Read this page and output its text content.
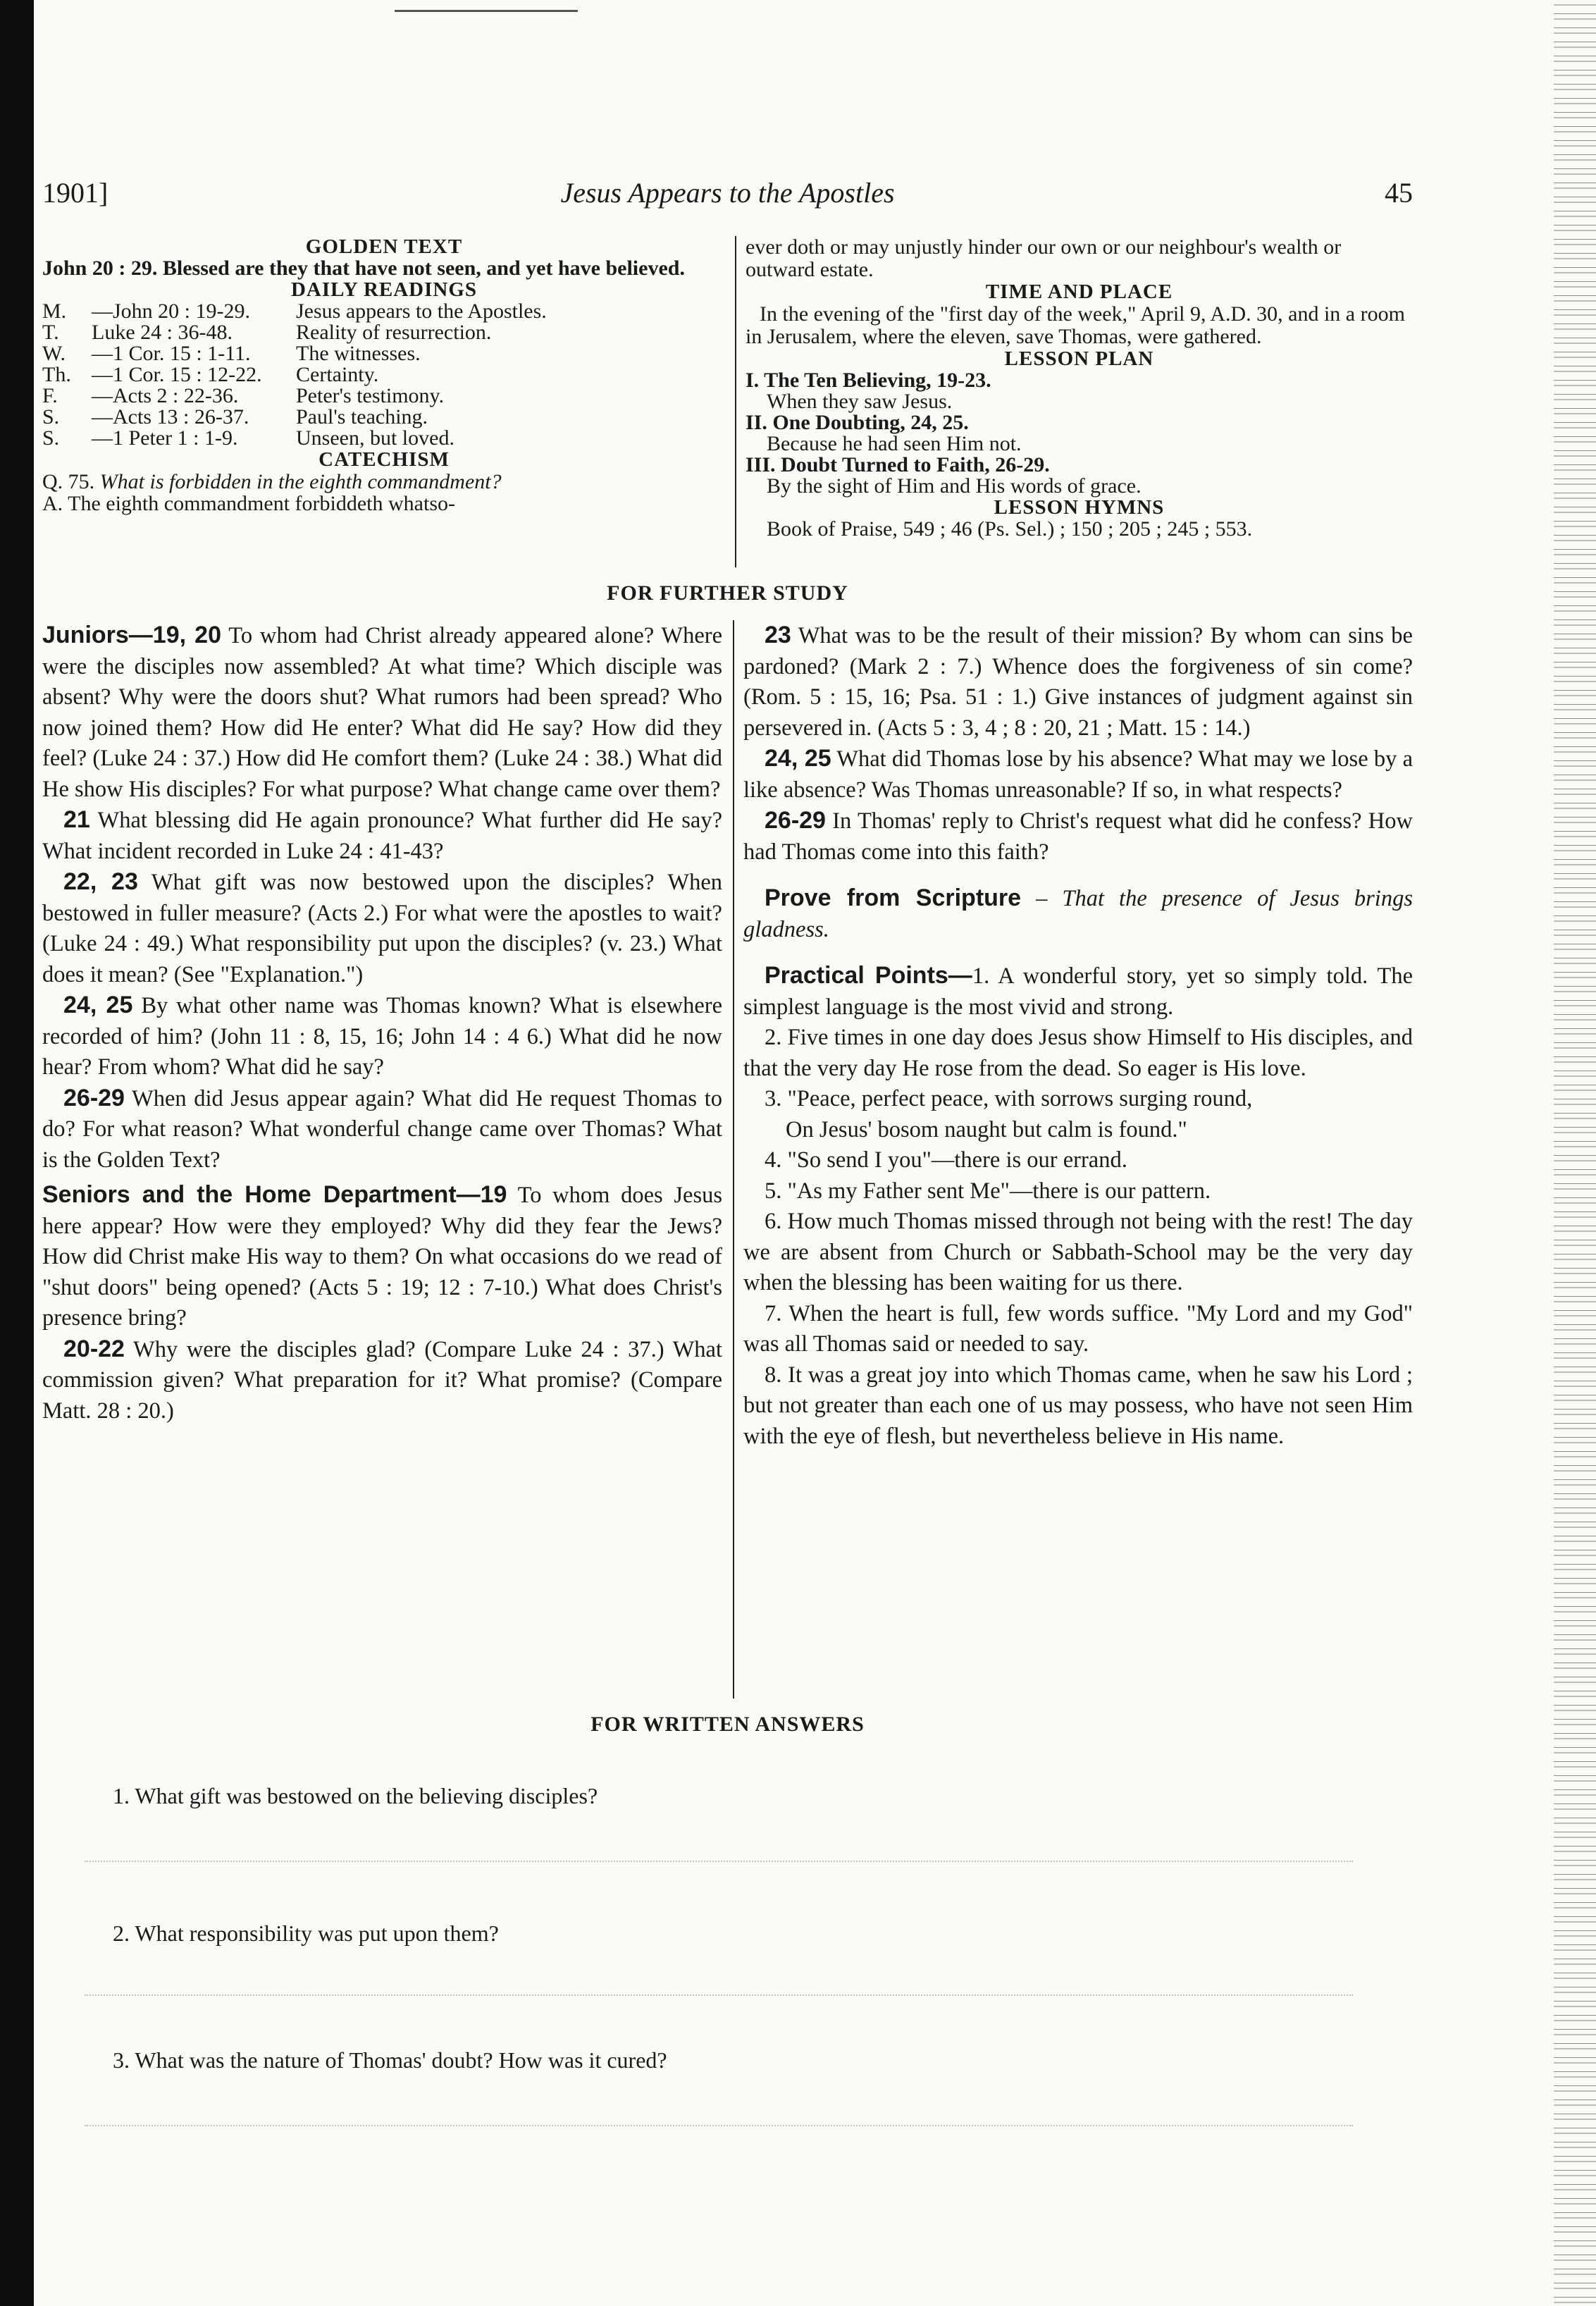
1901]	Jesus Appears to the Apostles	45
GOLDEN TEXT
John 20 : 29. Blessed are they that have not seen, and yet have believed.
DAILY READINGS
M.	—John 20 : 19-29.	Jesus appears to the Apostles.
T.	Luke 24 : 36-48.	Reality of resurrection.
W.	—1 Cor. 15 : 1-11.	The witnesses.
Th. —1 Cor. 15 : 12-22.	Certainty.
F.	—Acts 2 : 22-36.	Peter's testimony.
S.	—Acts 13 : 26-37.	Paul's teaching.
S.	—1 Peter 1 : 1-9.	Unseen, but loved.
CATECHISM
Q. 75. What is forbidden in the eighth commandment?
A. The eighth commandment forbiddeth whatso-
ever doth or may unjustly hinder our own or our neighbour's wealth or outward estate.
TIME AND PLACE
In the evening of the "first day of the week," April 9, A.D. 30, and in a room in Jerusalem, where the eleven, save Thomas, were gathered.
LESSON PLAN
I. The Ten Believing, 19-23.
When they saw Jesus.
II. One Doubting, 24, 25.
Because he had seen Him not.
III. Doubt Turned to Faith, 26-29.
By the sight of Him and His words of grace.
LESSON HYMNS
Book of Praise, 549 ; 46 (Ps. Sel.) ; 150 ; 205 ; 245 ; 553.
FOR FURTHER STUDY
Juniors—19, 20 To whom had Christ already appeared alone? Where were the disciples now assembled? At what time? Which disciple was absent? Why were the doors shut? What rumors had been spread? Who now joined them? How did He enter? What did He say? How did they feel? (Luke 24 : 37.) How did He comfort them? (Luke 24 : 38.) What did He show His disciples? For what purpose? What change came over them?
21 What blessing did He again pronounce? What further did He say? What incident recorded in Luke 24 : 41-43?
22, 23 What gift was now bestowed upon the disciples? When bestowed in fuller measure? (Acts 2.) For what were the apostles to wait? (Luke 24 : 49.) What responsibility put upon the disciples? (v. 23.) What does it mean? (See "Explanation.")
24, 25 By what other name was Thomas known? What is elsewhere recorded of him? (John 11 : 8, 15, 16; John 14 : 4 6.) What did he now hear? From whom? What did he say?
26-29 When did Jesus appear again? What did He request Thomas to do? For what reason? What wonderful change came over Thomas? What is the Golden Text?
Seniors and the Home Department—19 To whom does Jesus here appear? How were they employed? Why did they fear the Jews? How did Christ make His way to them? On what occasions do we read of "shut doors" being opened? (Acts 5 : 19; 12 : 7-10.) What does Christ's presence bring?
20-22 Why were the disciples glad? (Compare Luke 24 : 37.) What commission given? What preparation for it? What promise? (Compare Matt. 28 : 20.)
23 What was to be the result of their mission? By whom can sins be pardoned? (Mark 2 : 7.) Whence does the forgiveness of sin come? (Rom. 5 : 15, 16; Psa. 51 : 1.) Give instances of judgment against sin persevered in. (Acts 5 : 3, 4 ; 8 : 20, 21 ; Matt. 15 : 14.)
24, 25 What did Thomas lose by his absence? What may we lose by a like absence? Was Thomas unreasonable? If so, in what respects?
26-29 In Thomas' reply to Christ's request what did he confess? How had Thomas come into this faith?
Prove from Scripture – That the presence of Jesus brings gladness.
Practical Points—1. A wonderful story, yet so simply told. The simplest language is the most vivid and strong.
2. Five times in one day does Jesus show Himself to His disciples, and that the very day He rose from the dead. So eager is His love.
3. "Peace, perfect peace, with sorrows surging round,
On Jesus' bosom naught but calm is found."
4. "So send I you"—there is our errand.
5. "As my Father sent Me"—there is our pattern.
6. How much Thomas missed through not being with the rest! The day we are absent from Church or Sabbath-School may be the very day when the blessing has been waiting for us there.
7. When the heart is full, few words suffice. "My Lord and my God" was all Thomas said or needed to say.
8. It was a great joy into which Thomas came, when he saw his Lord ; but not greater than each one of us may possess, who have not seen Him with the eye of flesh, but nevertheless believe in His name.
FOR WRITTEN ANSWERS
1. What gift was bestowed on the believing disciples?
2. What responsibility was put upon them?
3. What was the nature of Thomas' doubt? How was it cured?
